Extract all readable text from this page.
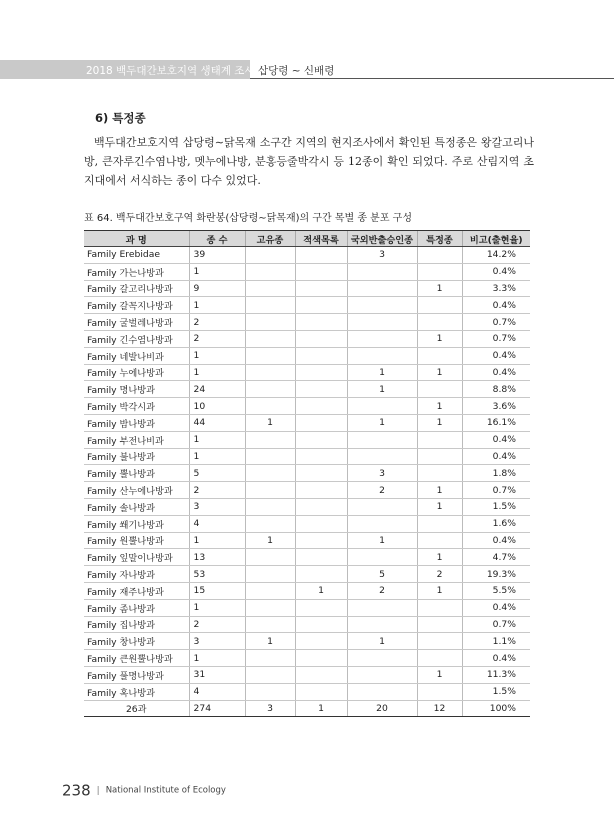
2018 백두대간보호지역 생태계 조사 삽당령 ~ 신배령
6) 특정종
백두대간보호지역 삽당령∼닭목재 소구간 지역의 현지조사에서 확인된 특정종은 왕갈고리나방, 큰자루긴수염나방, 멧누에나방, 분홍등줄박각시 등 12종이 확인 되었다. 주로 산림지역 초지대에서 서식하는 종이 다수 있었다.
표 64. 백두대간보호구역 화란봉(삽당령∼닭목재)의 구간 목별 종 분포 구성
과 명	종 수	고유종	적색목록	국외반출승인종	특정종	비고(출현율)
Family Erebidae	39			3		14.2%
Family 가는나방과	1					0.4%
Family 갈고리나방과	9				1	3.3%
Family 갈꼭지나방과	1					0.4%
Family 굴벌레나방과	2					0.7%
Family 긴수염나방과	2				1	0.7%
Family 네발나비과	1					0.4%
Family 누에나방과	1			1	1	0.4%
Family 명나방과	24			1		8.8%
Family 박각시과	10				1	3.6%
Family 밤나방과	44	1		1	1	16.1%
Family 부전나비과	1					0.4%
Family 불나방과	1					0.4%
Family 뿔나방과	5			3		1.8%
Family 산누에나방과	2			2	1	0.7%
Family 솔나방과	3				1	1.5%
Family 쐐기나방과	4					1.6%
Family 원뿔나방과	1	1		1		0.4%
Family 잎말이나방과	13				1	4.7%
Family 자나방과	53			5	2	19.3%
Family 재주나방과	15		1	2	1	5.5%
Family 좀나방과	1					0.4%
Family 집나방과	2					0.7%
Family 창나방과	3	1		1		1.1%
Family 큰원뿔나방과	1					0.4%
Family 풀명나방과	31				1	11.3%
Family 혹나방과	4					1.5%
26과	274	3	1	20	12	100%
238 | National Institute of Ecology
